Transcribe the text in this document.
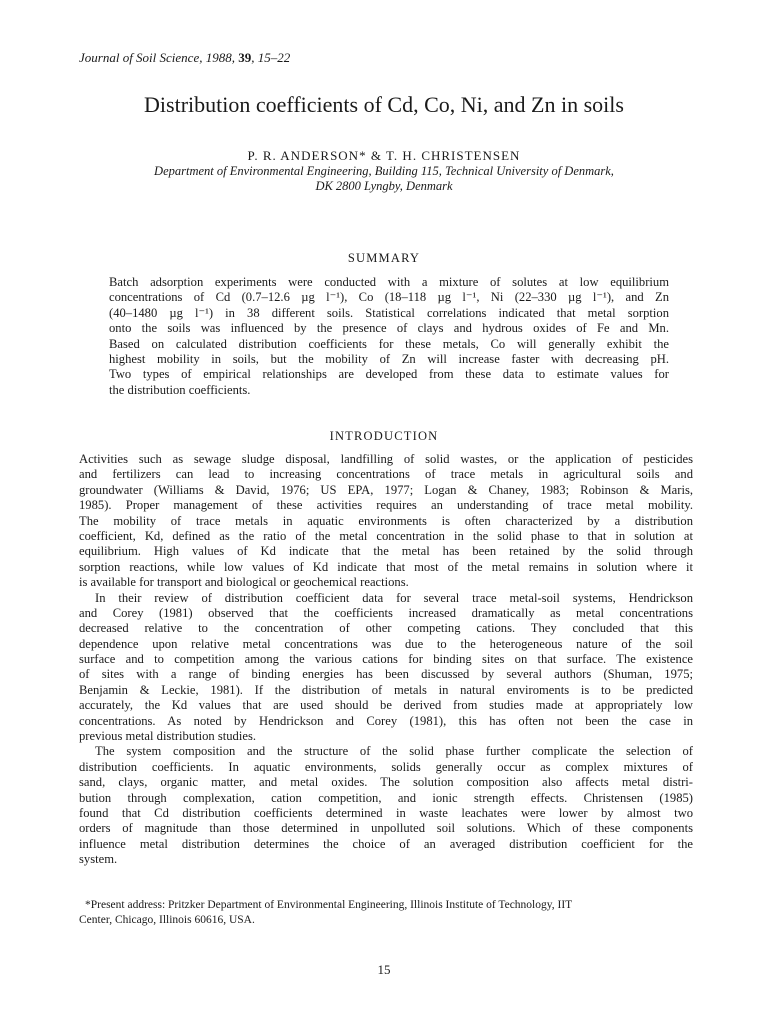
Journal of Soil Science, 1988, 39, 15–22
Distribution coefficients of Cd, Co, Ni, and Zn in soils
P. R. ANDERSON* & T. H. CHRISTENSEN
Department of Environmental Engineering, Building 115, Technical University of Denmark,
DK 2800 Lyngby, Denmark
SUMMARY
Batch adsorption experiments were conducted with a mixture of solutes at low equilibrium
concentrations of Cd (0.7–12.6 µg l⁻¹), Co (18–118 µg l⁻¹, Ni (22–330 µg l⁻¹), and Zn
(40–1480 µg l⁻¹) in 38 different soils. Statistical correlations indicated that metal sorption
onto the soils was influenced by the presence of clays and hydrous oxides of Fe and Mn.
Based on calculated distribution coefficients for these metals, Co will generally exhibit the
highest mobility in soils, but the mobility of Zn will increase faster with decreasing pH.
Two types of empirical relationships are developed from these data to estimate values for
the distribution coefficients.
INTRODUCTION
Activities such as sewage sludge disposal, landfilling of solid wastes, or the application of pesticides
and fertilizers can lead to increasing concentrations of trace metals in agricultural soils and
groundwater (Williams & David, 1976; US EPA, 1977; Logan & Chaney, 1983; Robinson & Maris,
1985). Proper management of these activities requires an understanding of trace metal mobility.
The mobility of trace metals in aquatic environments is often characterized by a distribution
coefficient, Kd, defined as the ratio of the metal concentration in the solid phase to that in solution at
equilibrium. High values of Kd indicate that the metal has been retained by the solid through
sorption reactions, while low values of Kd indicate that most of the metal remains in solution where it
is available for transport and biological or geochemical reactions.
In their review of distribution coefficient data for several trace metal-soil systems, Hendrickson
and Corey (1981) observed that the coefficients increased dramatically as metal concentrations
decreased relative to the concentration of other competing cations. They concluded that this
dependence upon relative metal concentrations was due to the heterogeneous nature of the soil
surface and to competition among the various cations for binding sites on that surface. The existence
of sites with a range of binding energies has been discussed by several authors (Shuman, 1975;
Benjamin & Leckie, 1981). If the distribution of metals in natural enviroments is to be predicted
accurately, the Kd values that are used should be derived from studies made at appropriately low
concentrations. As noted by Hendrickson and Corey (1981), this has often not been the case in
previous metal distribution studies.
The system composition and the structure of the solid phase further complicate the selection of
distribution coefficients. In aquatic environments, solids generally occur as complex mixtures of
sand, clays, organic matter, and metal oxides. The solution composition also affects metal distri-
bution through complexation, cation competition, and ionic strength effects. Christensen (1985)
found that Cd distribution coefficients determined in waste leachates were lower by almost two
orders of magnitude than those determined in unpolluted soil solutions. Which of these components
influence metal distribution determines the choice of an averaged distribution coefficient for the
system.
*Present address: Pritzker Department of Environmental Engineering, Illinois Institute of Technology, IIT
Center, Chicago, Illinois 60616, USA.
15
